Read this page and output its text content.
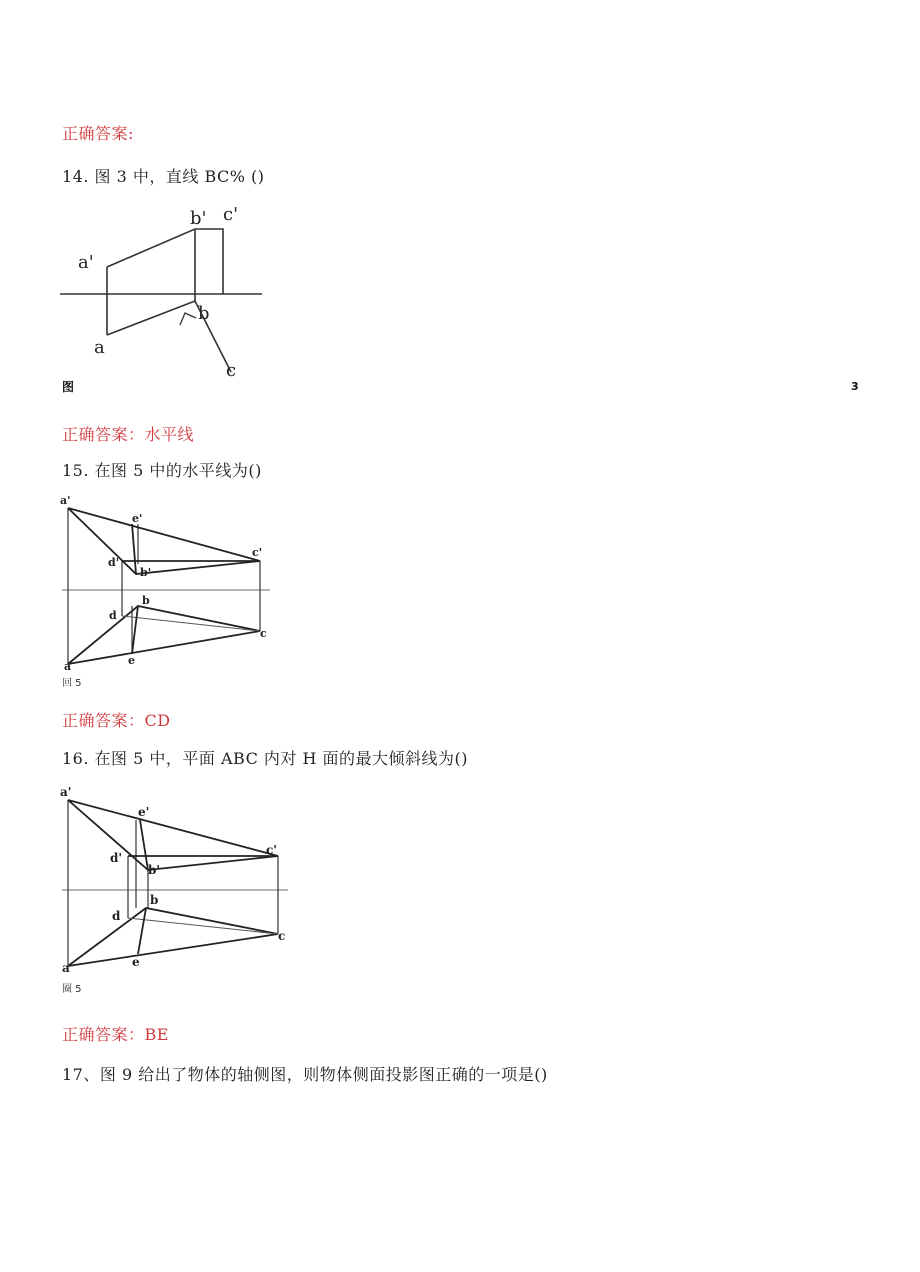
正确答案:
14. 图 3 中，直线 BC% ()
a'
b' c'
a
b
c
图	3
正确答案：水平线
15. 在图 5 中的水平线为()
a'
e'
c'
d'
b'
d
b
a	e
c
回 5
正确答案：CD
16. 在图 5 中，平面 ABC 内对 H 面的最大倾斜线为()
a'
e'
c'
d'
b'
d
b
a	e
c
圈 5
正确答案：BE
17、图 9 给出了物体的轴侧图，则物体侧面投影图正确的一项是()
